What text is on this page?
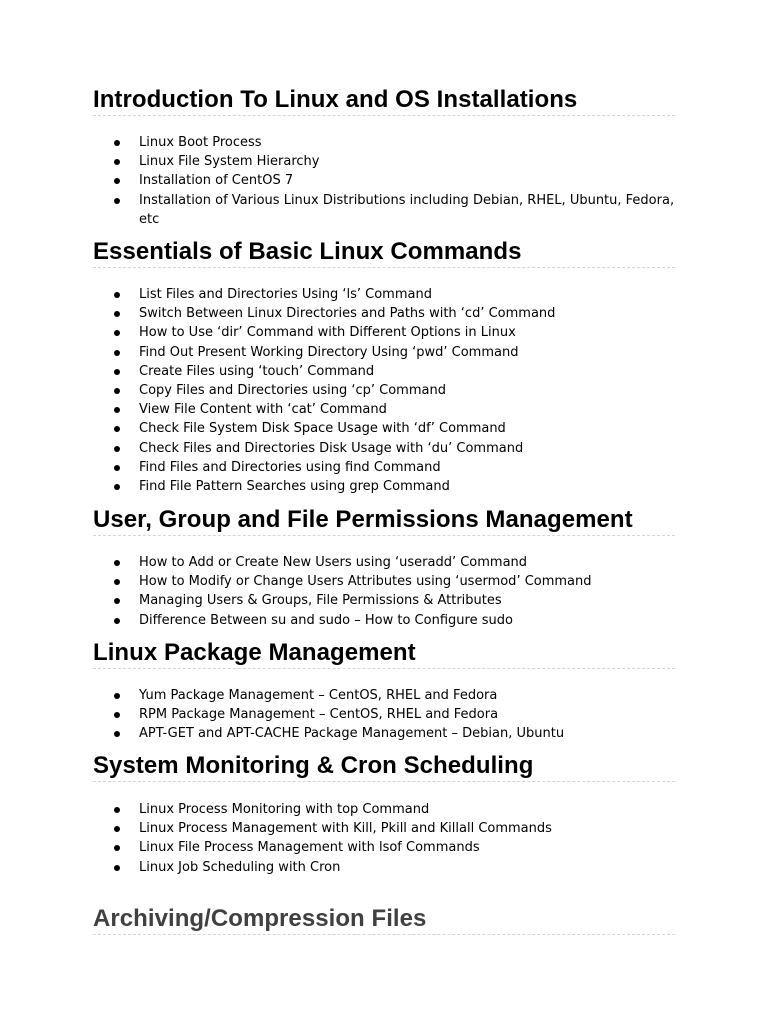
Introduction To Linux and OS Installations
Linux Boot Process
Linux File System Hierarchy
Installation of CentOS 7
Installation of Various Linux Distributions including Debian, RHEL, Ubuntu, Fedora, etc
Essentials of Basic Linux Commands
List Files and Directories Using ‘ls’ Command
Switch Between Linux Directories and Paths with ‘cd’ Command
How to Use ‘dir’ Command with Different Options in Linux
Find Out Present Working Directory Using ‘pwd’ Command
Create Files using ‘touch’ Command
Copy Files and Directories using ‘cp’ Command
View File Content with ‘cat’ Command
Check File System Disk Space Usage with ‘df’ Command
Check Files and Directories Disk Usage with ‘du’ Command
Find Files and Directories using find Command
Find File Pattern Searches using grep Command
User, Group and File Permissions Management
How to Add or Create New Users using ‘useradd’ Command
How to Modify or Change Users Attributes using ‘usermod’ Command
Managing Users & Groups, File Permissions & Attributes
Difference Between su and sudo – How to Configure sudo
Linux Package Management
Yum Package Management – CentOS, RHEL and Fedora
RPM Package Management – CentOS, RHEL and Fedora
APT-GET and APT-CACHE Package Management – Debian, Ubuntu
System Monitoring & Cron Scheduling
Linux Process Monitoring with top Command
Linux Process Management with Kill, Pkill and Killall Commands
Linux File Process Management with lsof Commands
Linux Job Scheduling with Cron
Archiving/Compression Files
